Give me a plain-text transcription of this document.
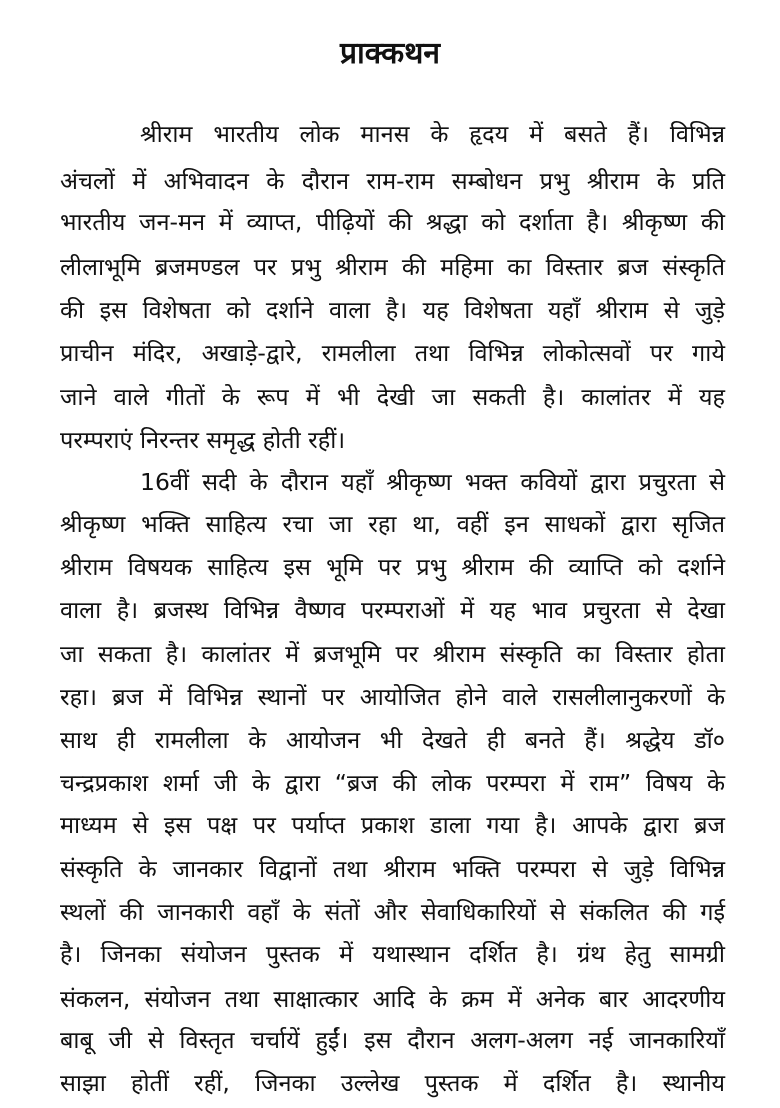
प्राक्कथन
श्रीराम भारतीय लोक मानस के हृदय में बसते हैं। विभिन्न
अंचलों में अभिवादन के दौरान राम-राम सम्बोधन प्रभु श्रीराम के प्रति
भारतीय जन-मन में व्याप्त, पीढ़ियों की श्रद्धा को दर्शाता है। श्रीकृष्ण की
लीलाभूमि ब्रजमण्डल पर प्रभु श्रीराम की महिमा का विस्तार ब्रज संस्कृति
की इस विशेषता को दर्शाने वाला है। यह विशेषता यहाँ श्रीराम से जुड़े
प्राचीन मंदिर, अखाड़े-द्वारे, रामलीला तथा विभिन्न लोकोत्सवों पर गाये
जाने वाले गीतों के रूप में भी देखी जा सकती है। कालांतर में यह
परम्पराएं निरन्तर समृद्ध होती रहीं।
16वीं सदी के दौरान यहाँ श्रीकृष्ण भक्त कवियों द्वारा प्रचुरता से
श्रीकृष्ण भक्ति साहित्य रचा जा रहा था, वहीं इन साधकों द्वारा सृजित
श्रीराम विषयक साहित्य इस भूमि पर प्रभु श्रीराम की व्याप्ति को दर्शाने
वाला है। ब्रजस्थ विभिन्न वैष्णव परम्पराओं में यह भाव प्रचुरता से देखा
जा सकता है। कालांतर में ब्रजभूमि पर श्रीराम संस्कृति का विस्तार होता
रहा। ब्रज में विभिन्न स्थानों पर आयोजित होने वाले रासलीलानुकरणों के
साथ ही रामलीला के आयोजन भी देखते ही बनते हैं। श्रद्धेय डॉ०
चन्द्रप्रकाश शर्मा जी के द्वारा “ब्रज की लोक परम्परा में राम” विषय के
माध्यम से इस पक्ष पर पर्याप्त प्रकाश डाला गया है। आपके द्वारा ब्रज
संस्कृति के जानकार विद्वानों तथा श्रीराम भक्ति परम्परा से जुड़े विभिन्न
स्थलों की जानकारी वहाँ के संतों और सेवाधिकारियों से संकलित की गई
है। जिनका संयोजन पुस्तक में यथास्थान दर्शित है। ग्रंथ हेतु सामग्री
संकलन, संयोजन तथा साक्षात्कार आदि के क्रम में अनेक बार आदरणीय
बाबू जी से विस्तृत चर्चायें हुईं। इस दौरान अलग-अलग नई जानकारियाँ
साझा होतीं रहीं, जिनका उल्लेख पुस्तक में दर्शित है। स्थानीय
